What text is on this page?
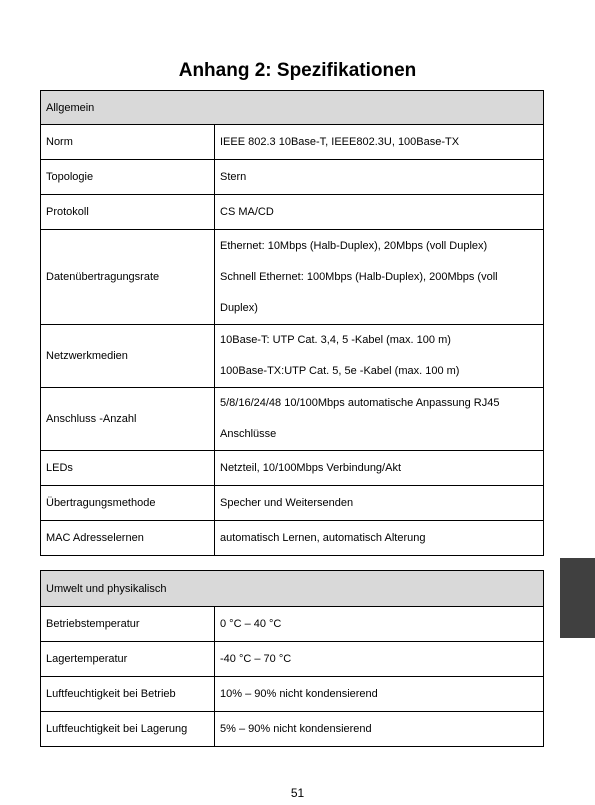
Anhang 2: Spezifikationen
Allgemein	
Norm	IEEE 802.3 10Base-T, IEEE802.3U, 100Base-TX
Topologie	Stern
Protokoll	CS MA/CD
Datenübertragungsrate	Ethernet: 10Mbps (Halb-Duplex), 20Mbps (voll Duplex)
Schnell Ethernet: 100Mbps (Halb-Duplex), 200Mbps (voll
Duplex)

Netzwerkmedien	10Base-T: UTP Cat. 3,4, 5 -Kabel (max. 100 m)
100Base-TX:UTP Cat. 5, 5e -Kabel (max. 100 m)

Anschluss -Anzahl	5/8/16/24/48 10/100Mbps automatische Anpassung RJ45
Anschlüsse

LEDs	Netzteil, 10/100Mbps Verbindung/Akt
Übertragungsmethode	Specher und Weitersenden
MAC Adresselernen	automatisch Lernen, automatisch Alterung
Umwelt und physikalisch	
Betriebstemperatur	0 °C – 40 °C
Lagertemperatur	-40 °C – 70 °C
Luftfeuchtigkeit bei Betrieb	10% – 90% nicht kondensierend
Luftfeuchtigkeit bei Lagerung	5% – 90% nicht kondensierend
51
